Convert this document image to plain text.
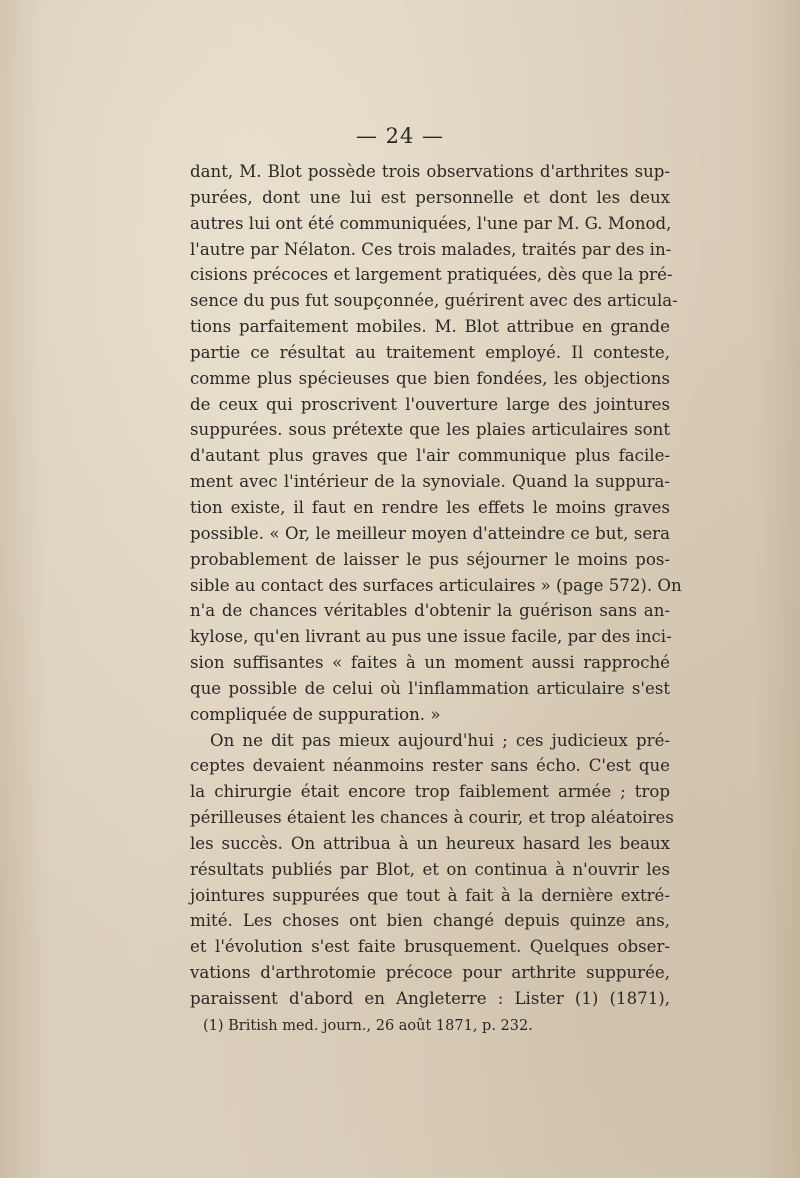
— 24 —
dant, M. Blot possède trois observations d'arthrites sup-
purées, dont une lui est personnelle et dont les deux
autres lui ont été communiquées, l'une par M. G. Monod,
l'autre par Nélaton. Ces trois malades, traités par des in-
cisions précoces et largement pratiquées, dès que la pré-
sence du pus fut soupçonnée, guérirent avec des articula-
tions parfaitement mobiles. M. Blot attribue en grande
partie ce résultat au traitement employé. Il conteste,
comme plus spécieuses que bien fondées, les objections
de ceux qui proscrivent l'ouverture large des jointures
suppurées. sous prétexte que les plaies articulaires sont
d'autant plus graves que l'air communique plus facile-
ment avec l'intérieur de la synoviale. Quand la suppura-
tion existe, il faut en rendre les effets le moins graves
possible. « Or, le meilleur moyen d'atteindre ce but, sera
probablement de laisser le pus séjourner le moins pos-
sible au contact des surfaces articulaires » (page 572). On
n'a de chances véritables d'obtenir la guérison sans an-
kylose, qu'en livrant au pus une issue facile, par des inci-
sion suffisantes « faites à un moment aussi rapproché
que possible de celui où l'inflammation articulaire s'est
compliquée de suppuration. »
On ne dit pas mieux aujourd'hui ; ces judicieux pré-
ceptes devaient néanmoins rester sans écho. C'est que
la chirurgie était encore trop faiblement armée ; trop
périlleuses étaient les chances à courir, et trop aléatoires
les succès. On attribua à un heureux hasard les beaux
résultats publiés par Blot, et on continua à n'ouvrir les
jointures suppurées que tout à fait à la dernière extré-
mité. Les choses ont bien changé depuis quinze ans,
et l'évolution s'est faite brusquement. Quelques obser-
vations d'arthrotomie précoce pour arthrite suppurée,
paraissent d'abord en Angleterre : Lister (1) (1871),
(1) British med. journ., 26 août 1871, p. 232.
